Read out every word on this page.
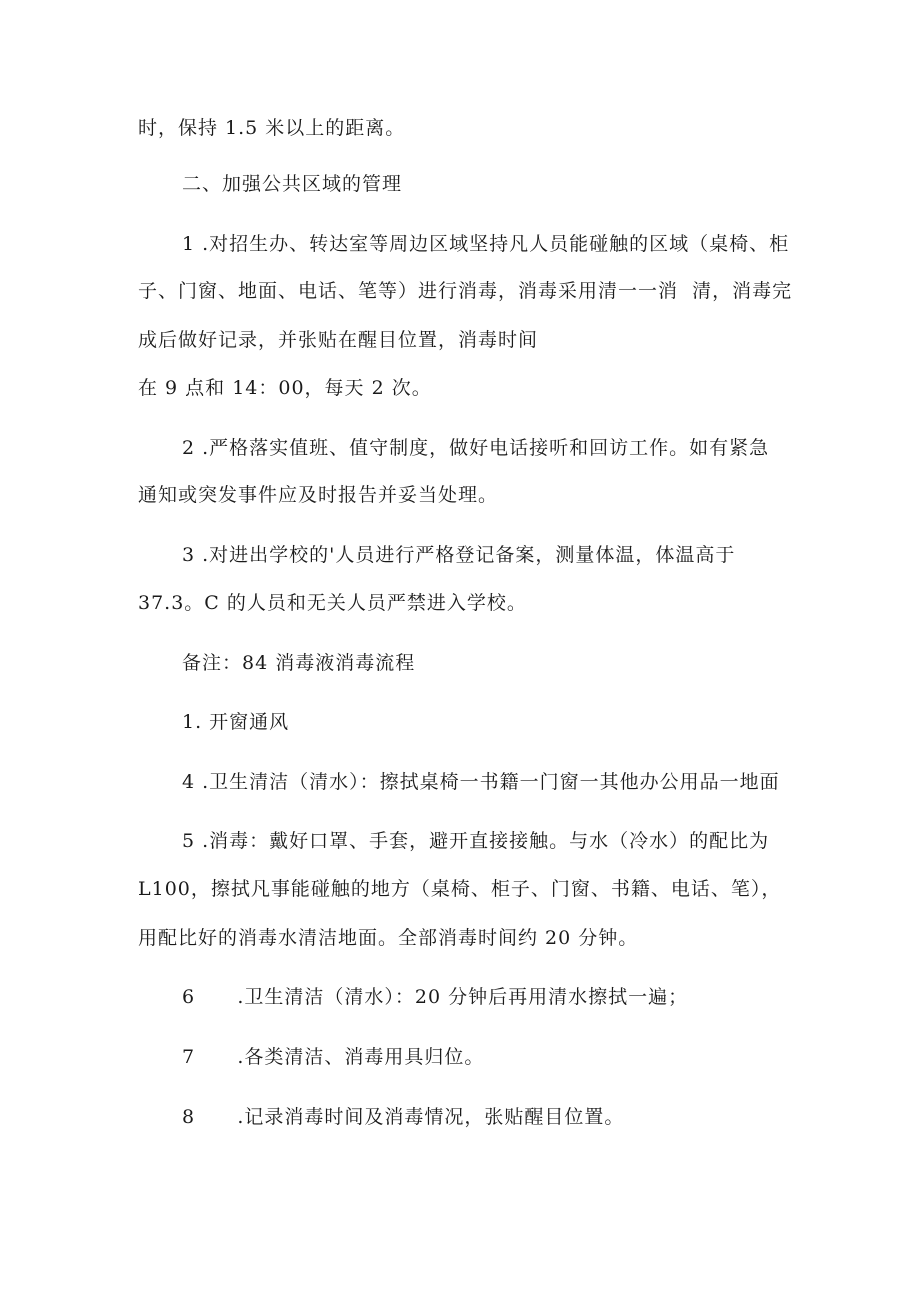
时，保持 1.5 米以上的距离。
二、加强公共区域的管理
1 .对招生办、转达室等周边区域坚持凡人员能碰触的区域（桌椅、柜
子、门窗、地面、电话、笔等）进行消毒，消毒采用清一一消  清，消毒完
成后做好记录，并张贴在醒目位置，消毒时间
在 9 点和 14：00，每天 2 次。
2 .严格落实值班、值守制度，做好电话接听和回访工作。如有紧急
通知或突发事件应及时报告并妥当处理。
3 .对进出学校的'人员进行严格登记备案，测量体温，体温高于
37.3。C 的人员和无关人员严禁进入学校。
备注：84 消毒液消毒流程
1. 开窗通风
4 .卫生清洁（清水）：擦拭桌椅一书籍一门窗一其他办公用品一地面
5 .消毒：戴好口罩、手套，避开直接接触。与水（冷水）的配比为
L100，擦拭凡事能碰触的地方（桌椅、柜子、门窗、书籍、电话、笔），
用配比好的消毒水清洁地面。全部消毒时间约 20 分钟。
6      .卫生清洁（清水）：20 分钟后再用清水擦拭一遍；
7      .各类清洁、消毒用具归位。
8      .记录消毒时间及消毒情况，张贴醒目位置。
